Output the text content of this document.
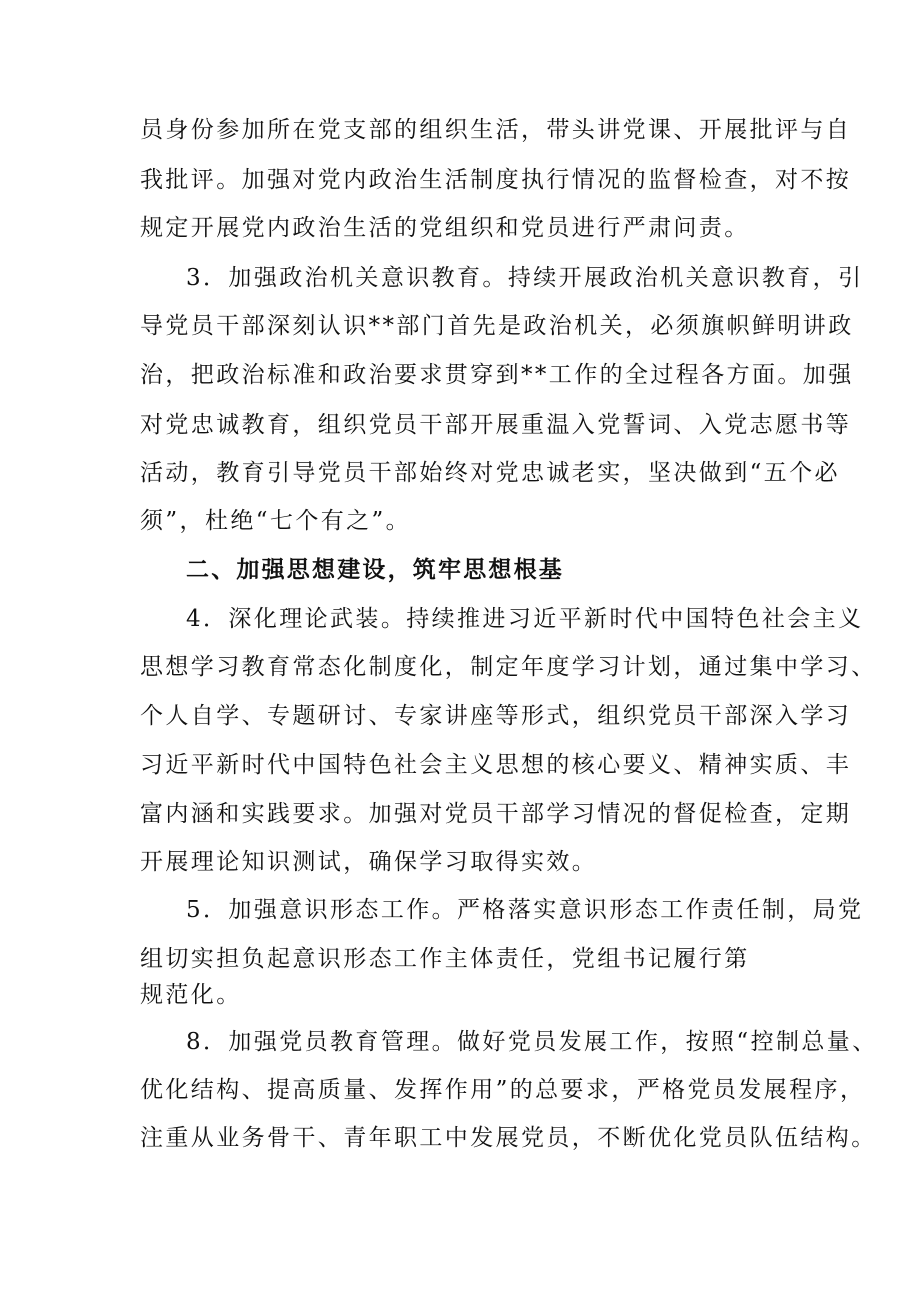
员身份参加所在党支部的组织生活，带头讲党课、开展批评与自
我批评。加强对党内政治生活制度执行情况的监督检查，对不按
规定开展党内政治生活的党组织和党员进行严肃问责。
3．加强政治机关意识教育。持续开展政治机关意识教育，引
导党员干部深刻认识**部门首先是政治机关，必须旗帜鲜明讲政
治，把政治标准和政治要求贯穿到**工作的全过程各方面。加强
对党忠诚教育，组织党员干部开展重温入党誓词、入党志愿书等
活动，教育引导党员干部始终对党忠诚老实，坚决做到“五个必
须”，杜绝“七个有之”。
二、加强思想建设，筑牢思想根基
4．深化理论武装。持续推进习近平新时代中国特色社会主义
思想学习教育常态化制度化，制定年度学习计划，通过集中学习、
个人自学、专题研讨、专家讲座等形式，组织党员干部深入学习
习近平新时代中国特色社会主义思想的核心要义、精神实质、丰
富内涵和实践要求。加强对党员干部学习情况的督促检查，定期
开展理论知识测试，确保学习取得实效。
5．加强意识形态工作。严格落实意识形态工作责任制，局党
组切实担负起意识形态工作主体责任，党组书记履行第
规范化。
8．加强党员教育管理。做好党员发展工作，按照“控制总量、
优化结构、提高质量、发挥作用”的总要求，严格党员发展程序，
注重从业务骨干、青年职工中发展党员，不断优化党员队伍结构。
